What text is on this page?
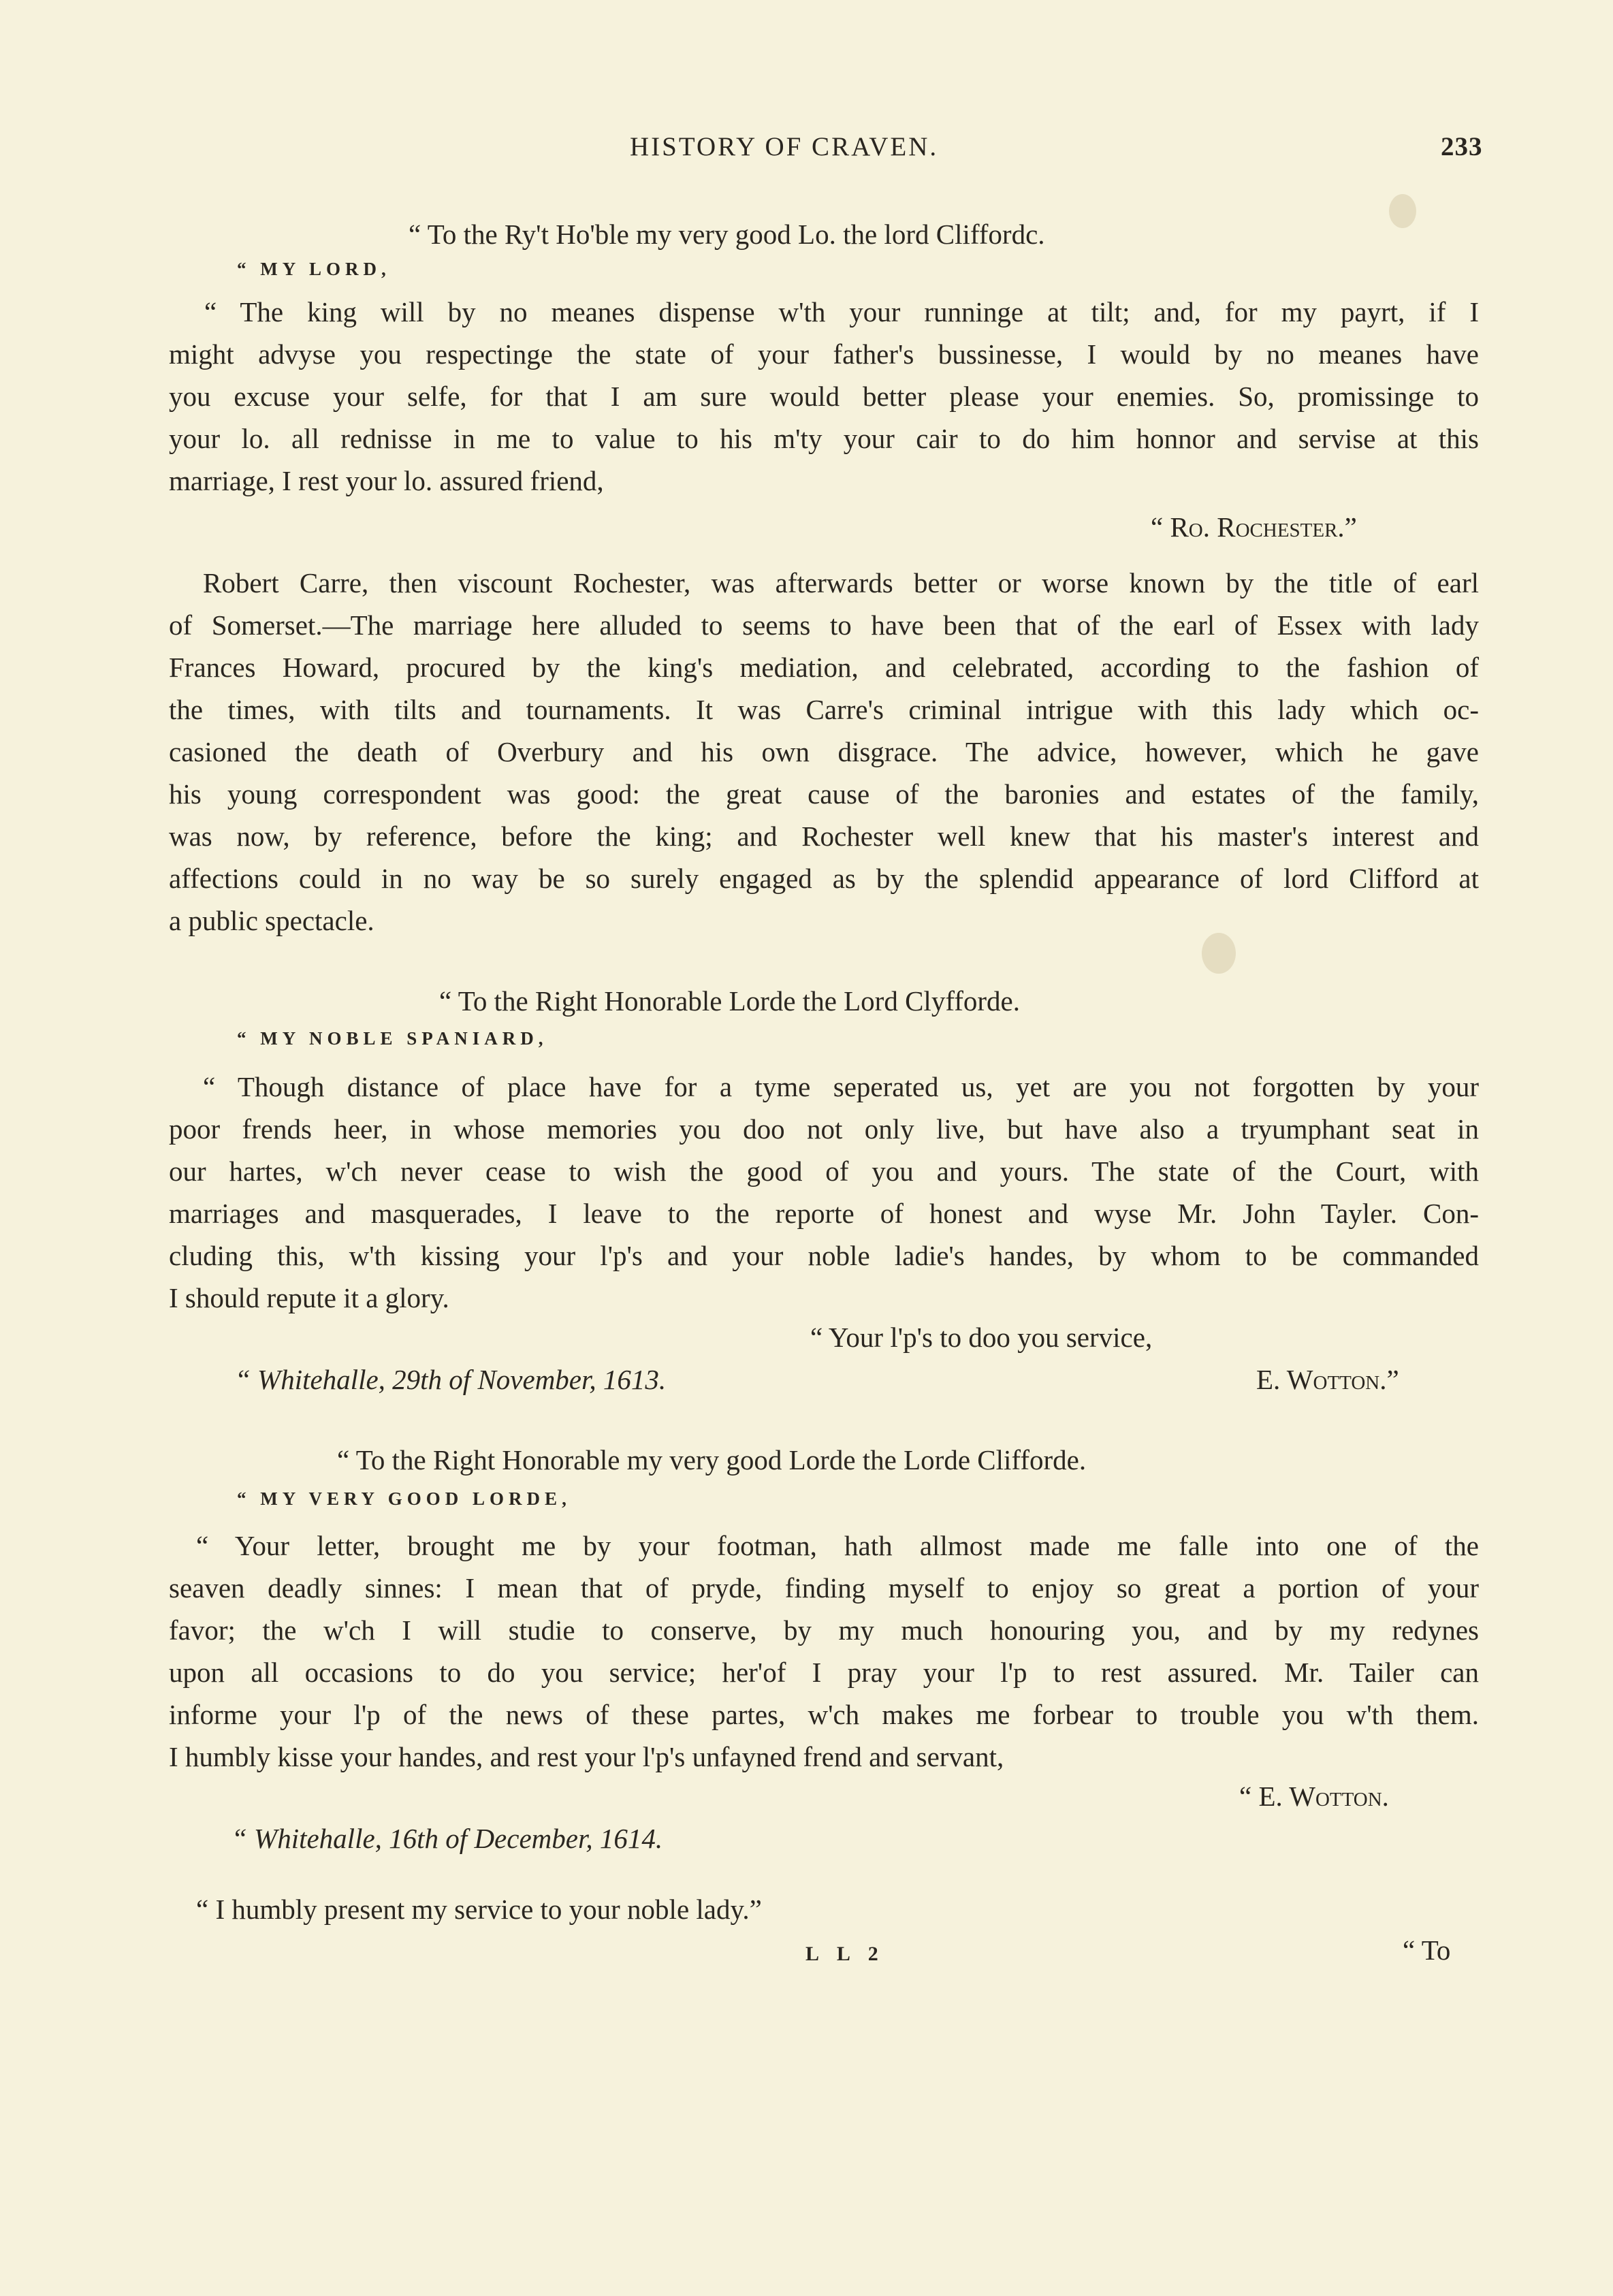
HISTORY OF CRAVEN.	233
“ To the Ry't Ho'ble my very good Lo. the lord Cliffordc.
“ MY LORD,
“ The king will by no meanes dispense w'th your runninge at tilt; and, for my payrt, if I
might advyse you respectinge the state of your father's bussinesse, I would by no meanes have
you excuse your selfe, for that I am sure would better please your enemies. So, promissinge to
your lo. all rednisse in me to value to his m'ty your cair to do him honnor and servise at this
marriage, I rest your lo. assured friend,
“ Ro. Rochester.”
Robert Carre, then viscount Rochester, was afterwards better or worse known by the title of earl
of Somerset.—The marriage here alluded to seems to have been that of the earl of Essex with lady
Frances Howard, procured by the king's mediation, and celebrated, according to the fashion of
the times, with tilts and tournaments. It was Carre's criminal intrigue with this lady which oc-
casioned the death of Overbury and his own disgrace. The advice, however, which he gave
his young correspondent was good: the great cause of the baronies and estates of the family,
was now, by reference, before the king; and Rochester well knew that his master's interest and
affections could in no way be so surely engaged as by the splendid appearance of lord Clifford at
a public spectacle.
“ To the Right Honorable Lorde the Lord Clyfforde.
“ MY NOBLE SPANIARD,
“ Though distance of place have for a tyme seperated us, yet are you not forgotten by your
poor frends heer, in whose memories you doo not only live, but have also a tryumphant seat in
our hartes, w'ch never cease to wish the good of you and yours. The state of the Court, with
marriages and masquerades, I leave to the reporte of honest and wyse Mr. John Tayler. Con-
cluding this, w'th kissing your l'p's and your noble ladie's handes, by whom to be commanded
I should repute it a glory.
“ Your l'p's to doo you service,
“ Whitehalle, 29th of November, 1613.	E. Wotton.”
“ To the Right Honorable my very good Lorde the Lorde Clifforde.
“ MY VERY GOOD LORDE,
“ Your letter, brought me by your footman, hath allmost made me falle into one of the
seaven deadly sinnes: I mean that of pryde, finding myself to enjoy so great a portion of your
favor; the w'ch I will studie to conserve, by my much honouring you, and by my redynes
upon all occasions to do you service; her'of I pray your l'p to rest assured. Mr. Tailer can
informe your l'p of the news of these partes, w'ch makes me forbear to trouble you w'th them.
I humbly kisse your handes, and rest your l'p's unfayned frend and servant,
“ E. Wotton.
“ Whitehalle, 16th of December, 1614.
“ I humbly present my service to your noble lady.”
L L 2	“ To
